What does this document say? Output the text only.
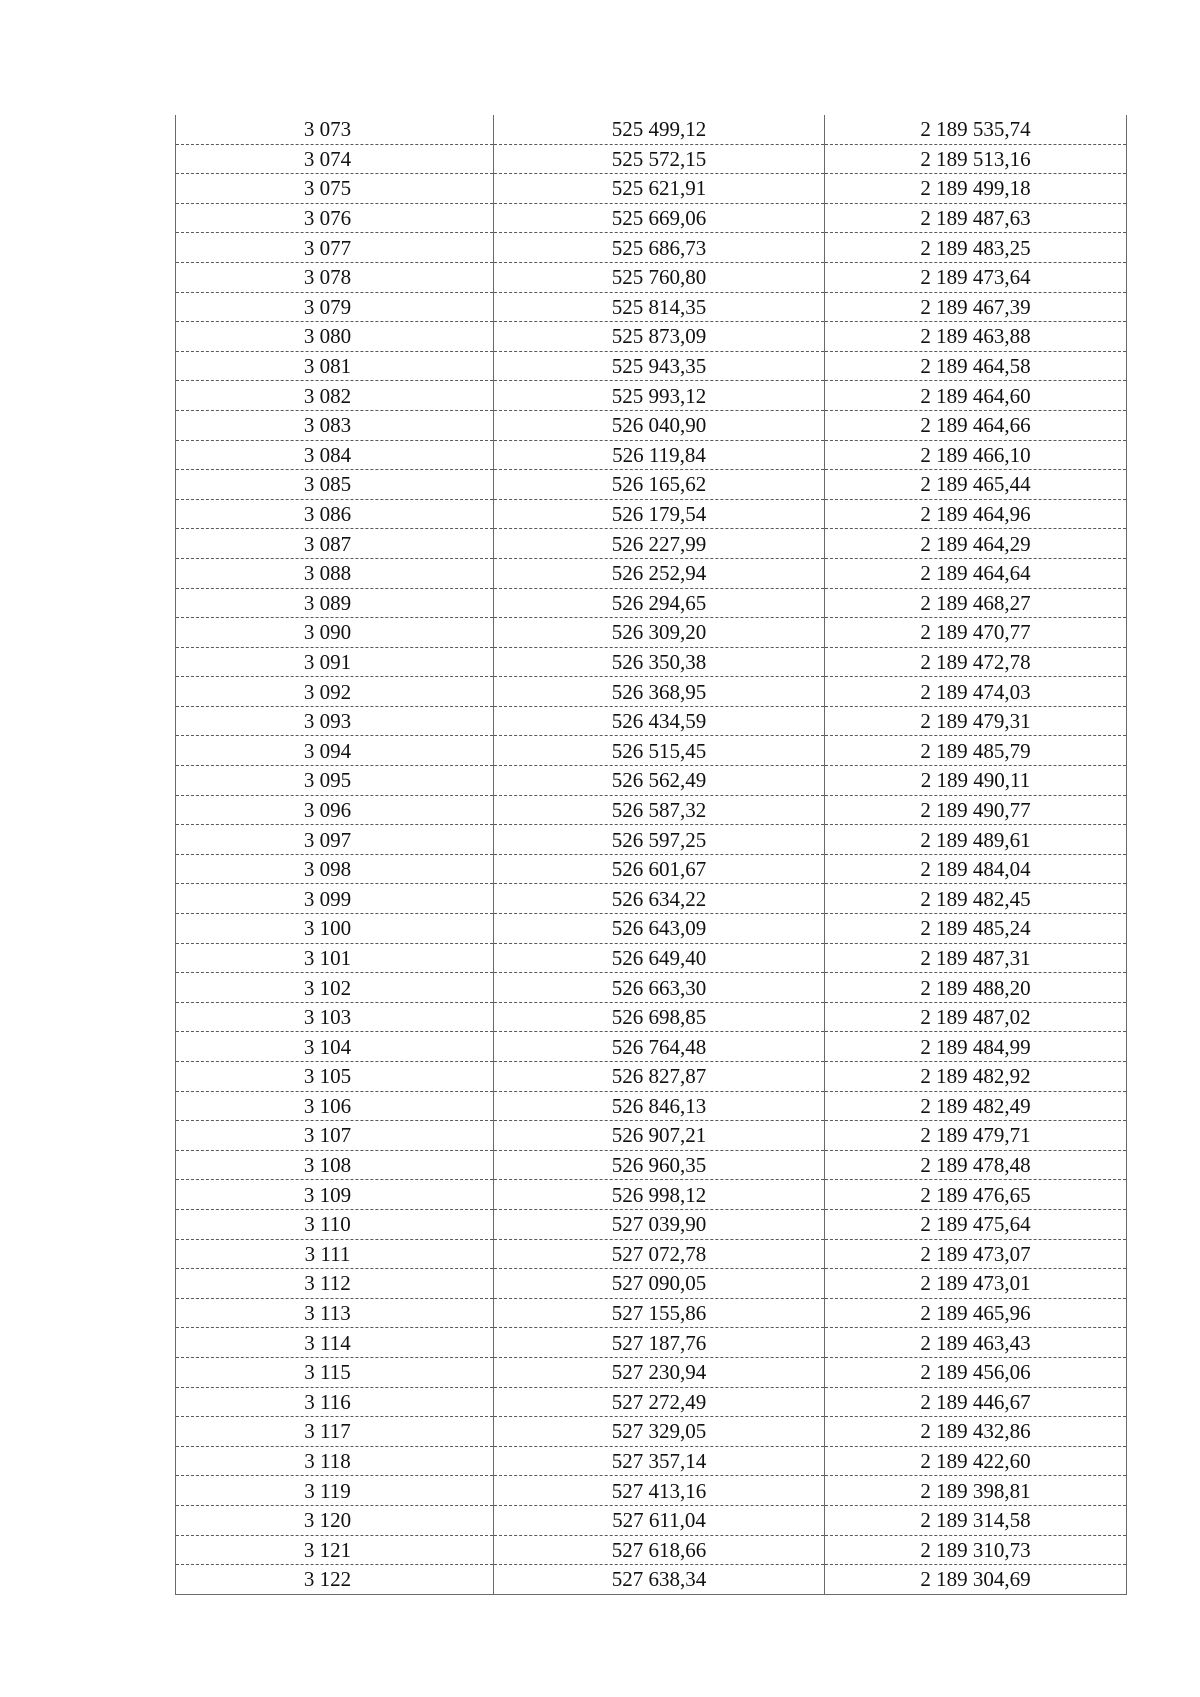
3 073	525 499,12	2 189 535,74
3 074	525 572,15	2 189 513,16
3 075	525 621,91	2 189 499,18
3 076	525 669,06	2 189 487,63
3 077	525 686,73	2 189 483,25
3 078	525 760,80	2 189 473,64
3 079	525 814,35	2 189 467,39
3 080	525 873,09	2 189 463,88
3 081	525 943,35	2 189 464,58
3 082	525 993,12	2 189 464,60
3 083	526 040,90	2 189 464,66
3 084	526 119,84	2 189 466,10
3 085	526 165,62	2 189 465,44
3 086	526 179,54	2 189 464,96
3 087	526 227,99	2 189 464,29
3 088	526 252,94	2 189 464,64
3 089	526 294,65	2 189 468,27
3 090	526 309,20	2 189 470,77
3 091	526 350,38	2 189 472,78
3 092	526 368,95	2 189 474,03
3 093	526 434,59	2 189 479,31
3 094	526 515,45	2 189 485,79
3 095	526 562,49	2 189 490,11
3 096	526 587,32	2 189 490,77
3 097	526 597,25	2 189 489,61
3 098	526 601,67	2 189 484,04
3 099	526 634,22	2 189 482,45
3 100	526 643,09	2 189 485,24
3 101	526 649,40	2 189 487,31
3 102	526 663,30	2 189 488,20
3 103	526 698,85	2 189 487,02
3 104	526 764,48	2 189 484,99
3 105	526 827,87	2 189 482,92
3 106	526 846,13	2 189 482,49
3 107	526 907,21	2 189 479,71
3 108	526 960,35	2 189 478,48
3 109	526 998,12	2 189 476,65
3 110	527 039,90	2 189 475,64
3 111	527 072,78	2 189 473,07
3 112	527 090,05	2 189 473,01
3 113	527 155,86	2 189 465,96
3 114	527 187,76	2 189 463,43
3 115	527 230,94	2 189 456,06
3 116	527 272,49	2 189 446,67
3 117	527 329,05	2 189 432,86
3 118	527 357,14	2 189 422,60
3 119	527 413,16	2 189 398,81
3 120	527 611,04	2 189 314,58
3 121	527 618,66	2 189 310,73
3 122	527 638,34	2 189 304,69
